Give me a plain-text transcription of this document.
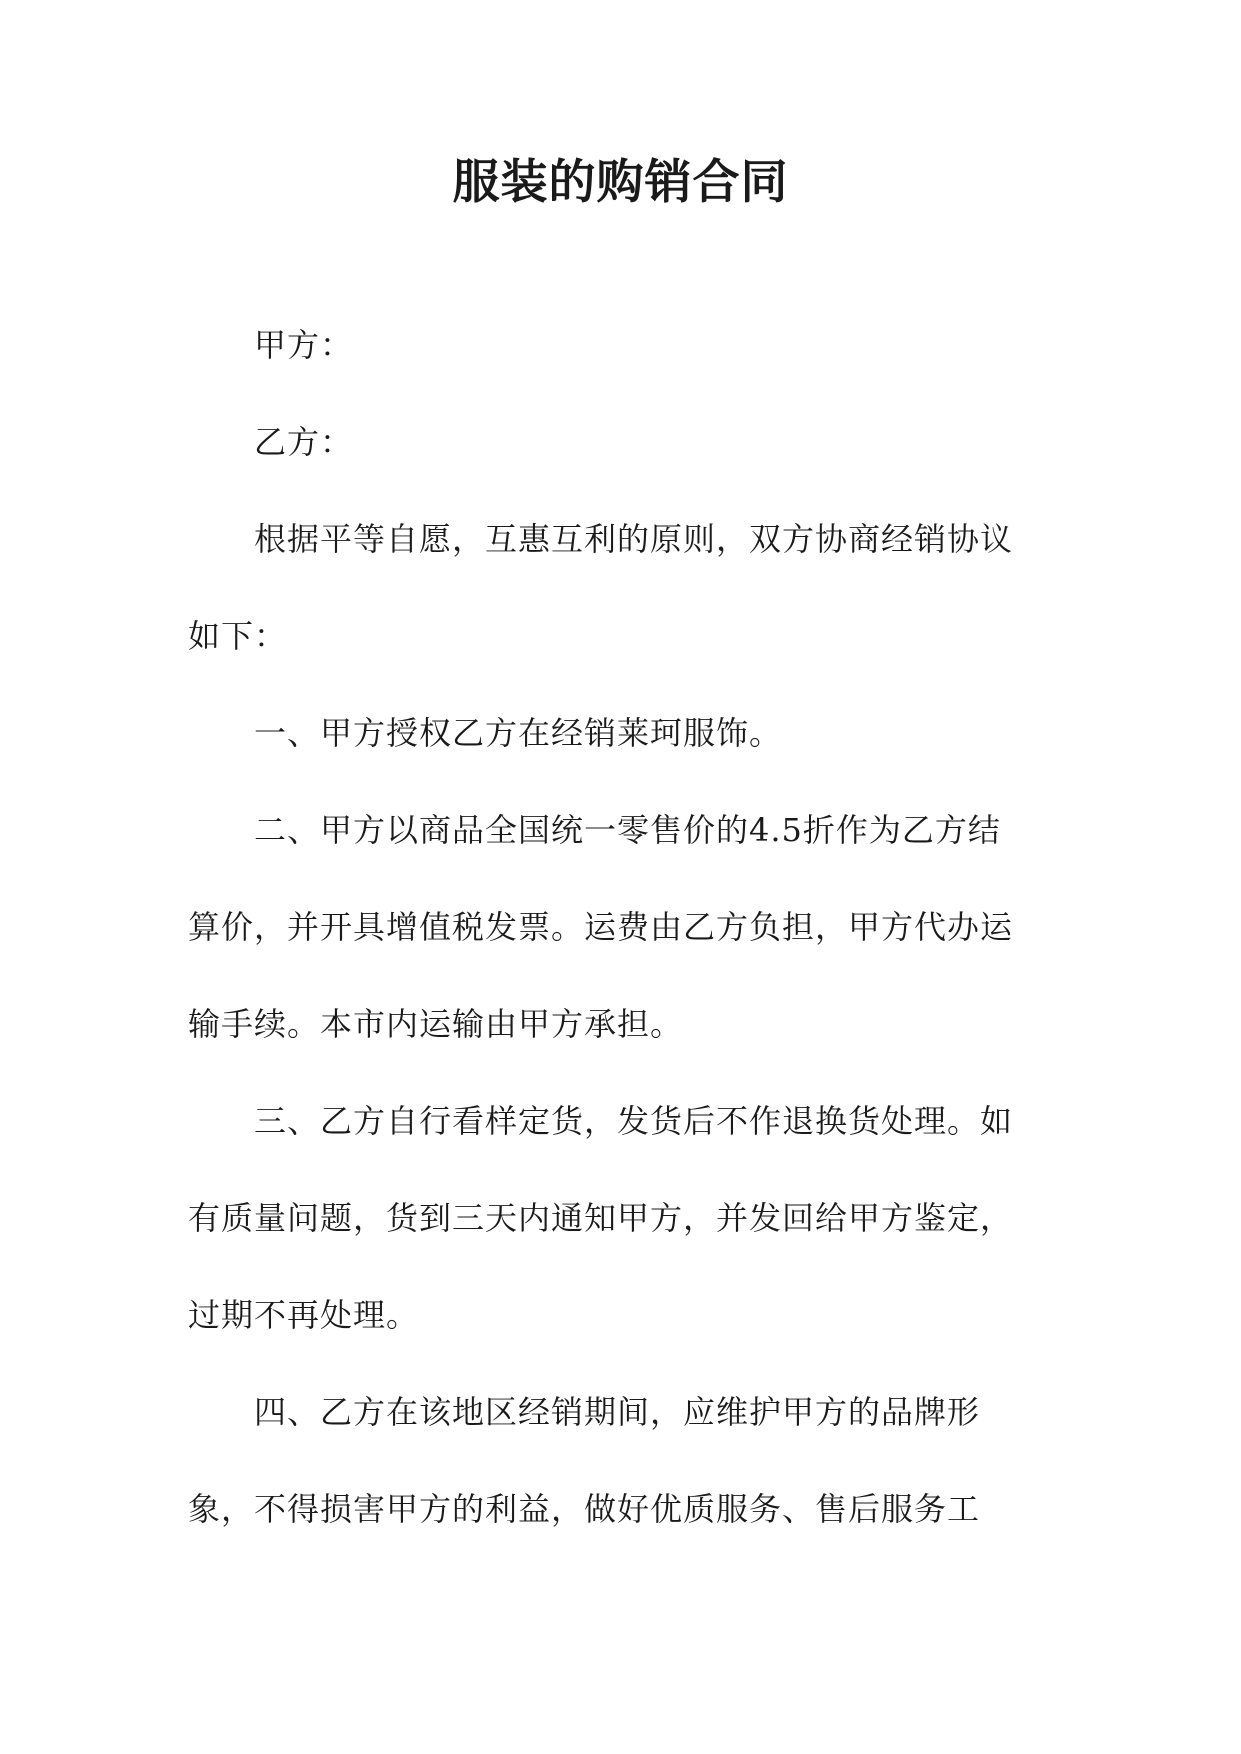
服装的购销合同

甲方：

乙方：

根据平等自愿，互惠互利的原则，双方协商经销协议如下：

一、甲方授权乙方在经销莱珂服饰。

二、甲方以商品全国统一零售价的4.5折作为乙方结算价，并开具增值税发票。运费由乙方负担，甲方代办运输手续。本市内运输由甲方承担。

三、乙方自行看样定货，发货后不作退换货处理。如有质量问题，货到三天内通知甲方，并发回给甲方鉴定，过期不再处理。

四、乙方在该地区经销期间，应维护甲方的品牌形象，不得损害甲方的利益，做好优质服务、售后服务工
